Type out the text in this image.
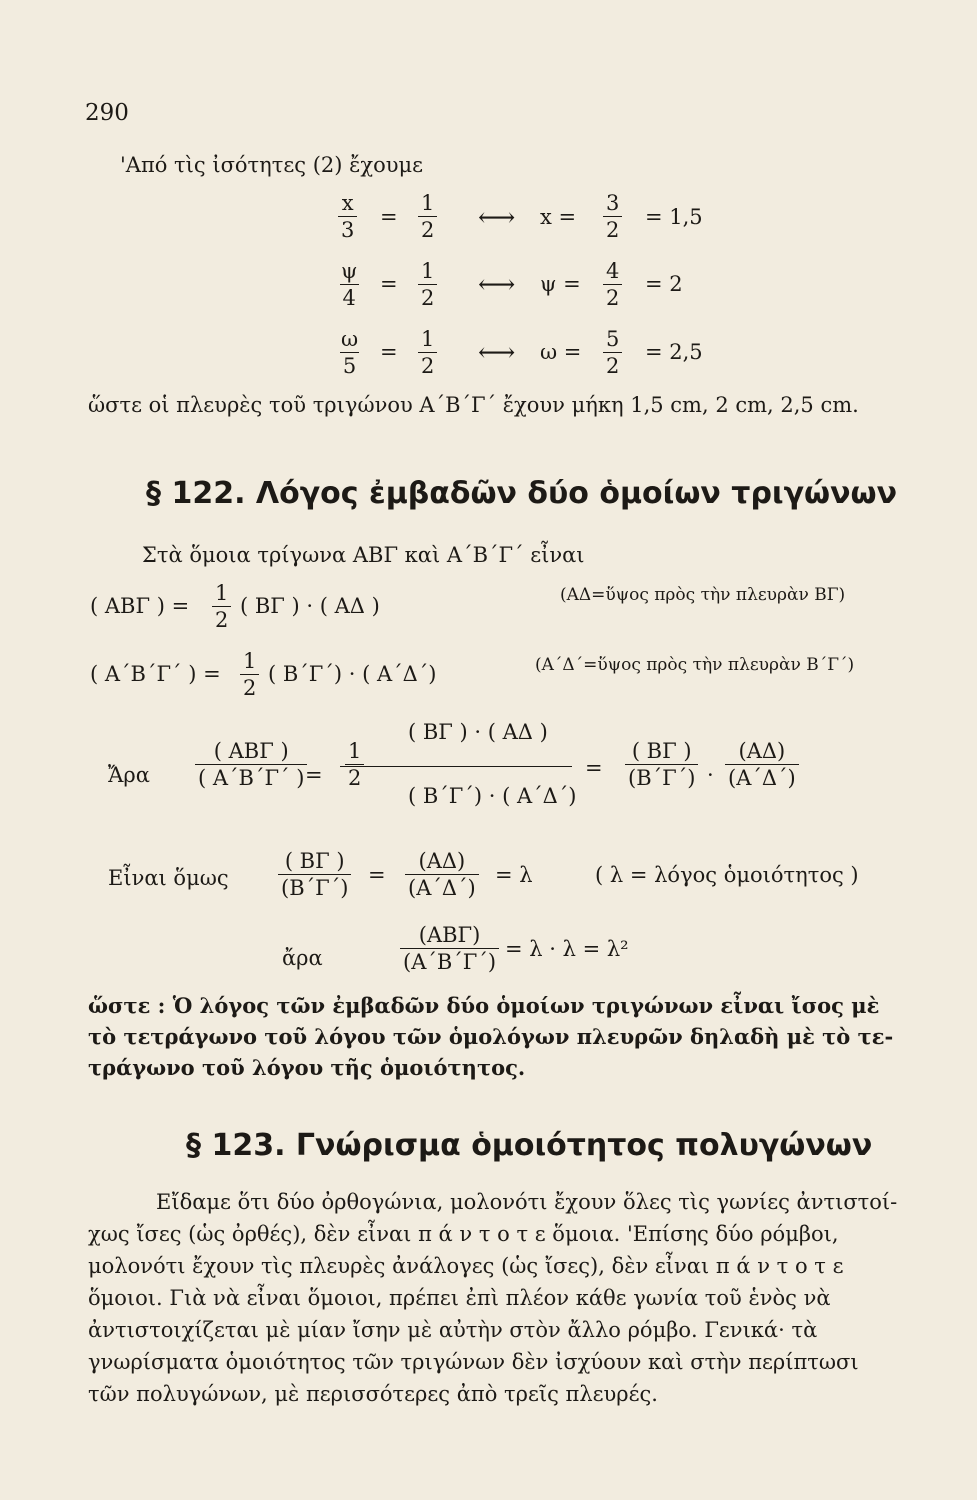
290
'Από τὶς ἰσότητες (2) ἔχουμε
$\frac{x}{3} = \frac{1}{2}$ ⟷ $x = \frac{3}{2} = 1,5$
$\frac{\psi}{4} = \frac{1}{2}$ ⟷ $\psi = \frac{4}{2} = 2$
$\frac{\omega}{5} = \frac{1}{2}$ ⟷ $\omega = \frac{5}{2} = 2,5$
ὥστε οἱ πλευρὲς τοῦ τριγώνου Α΄Β΄Γ΄ ἔχουν μήκη 1,5 cm, 2 cm, 2,5 cm.
§ 122. Λόγος ἐμβαδῶν δύο ὁμοίων τριγώνων
Στὰ ὅμοια τρίγωνα ΑΒΓ καὶ Α΄Β΄Γ΄ εἶναι
( ΑΒΓ ) = $\frac{1}{2}$ ( ΒΓ ) · ( ΑΔ )	(ΑΔ=ὕψος πρὸς τὴν πλευρὰν ΒΓ)
( Α΄Β΄Γ΄ ) = $\frac{1}{2}$ ( Β΄Γ΄) · ( Α΄Δ΄)	(Α΄Δ΄=ὕψος πρὸς τὴν πλευρὰν Β΄Γ΄)
Ἄρα
( ΑΒΓ )
( Α΄Β΄Γ΄ ) = $\frac{1}{2}$
( ΒΓ ) · ( ΑΔ )
( Β΄Γ΄) · ( Α΄Δ΄)
= $\frac{( B\Gamma )}{(B΄\Gamma΄)} \cdot \frac{(A\Delta)}{(A΄\Delta΄)}$
Εἶναι ὅμως $\frac{( B\Gamma )}{(B΄\Gamma΄)} = \frac{(A\Delta)}{(A΄\Delta΄)} = \lambda$	( λ = λόγος ὁμοιότητος )
ἄρα
(ΑΒΓ)
(Α΄Β΄Γ΄)
= λ · λ = λ²
ὥστε : Ὁ λόγος τῶν ἐμβαδῶν δύο ὁμοίων τριγώνων εἶναι ἴσος μὲ
τὸ τετράγωνο τοῦ λόγου τῶν ὁμολόγων πλευρῶν δηλαδὴ μὲ τὸ τε-
τράγωνο τοῦ λόγου τῆς ὁμοιότητος.
§ 123. Γνώρισμα ὁμοιότητος πολυγώνων
Εἴδαμε ὅτι δύο ὀρθογώνια, μολονότι ἔχουν ὅλες τὶς γωνίες ἀντιστοί-
χως ἴσες (ὡς ὀρθές), δὲν εἶναι π ά ν τ ο τ ε ὅμοια. 'Επίσης δύο ρόμβοι,
μολονότι ἔχουν τὶς πλευρὲς ἀνάλογες (ὡς ἴσες), δὲν εἶναι π ά ν τ ο τ ε
ὅμοιοι. Γιὰ νὰ εἶναι ὅμοιοι, πρέπει ἐπὶ πλέον κάθε γωνία τοῦ ἑνὸς νὰ
ἀντιστοιχίζεται μὲ μίαν ἴσην μὲ αὐτὴν στὸν ἄλλο ρόμβο. Γενικά· τὰ
γνωρίσματα ὁμοιότητος τῶν τριγώνων δὲν ἰσχύουν καὶ στὴν περίπτωσι
τῶν πολυγώνων, μὲ περισσότερες ἀπὸ τρεῖς πλευρές.
